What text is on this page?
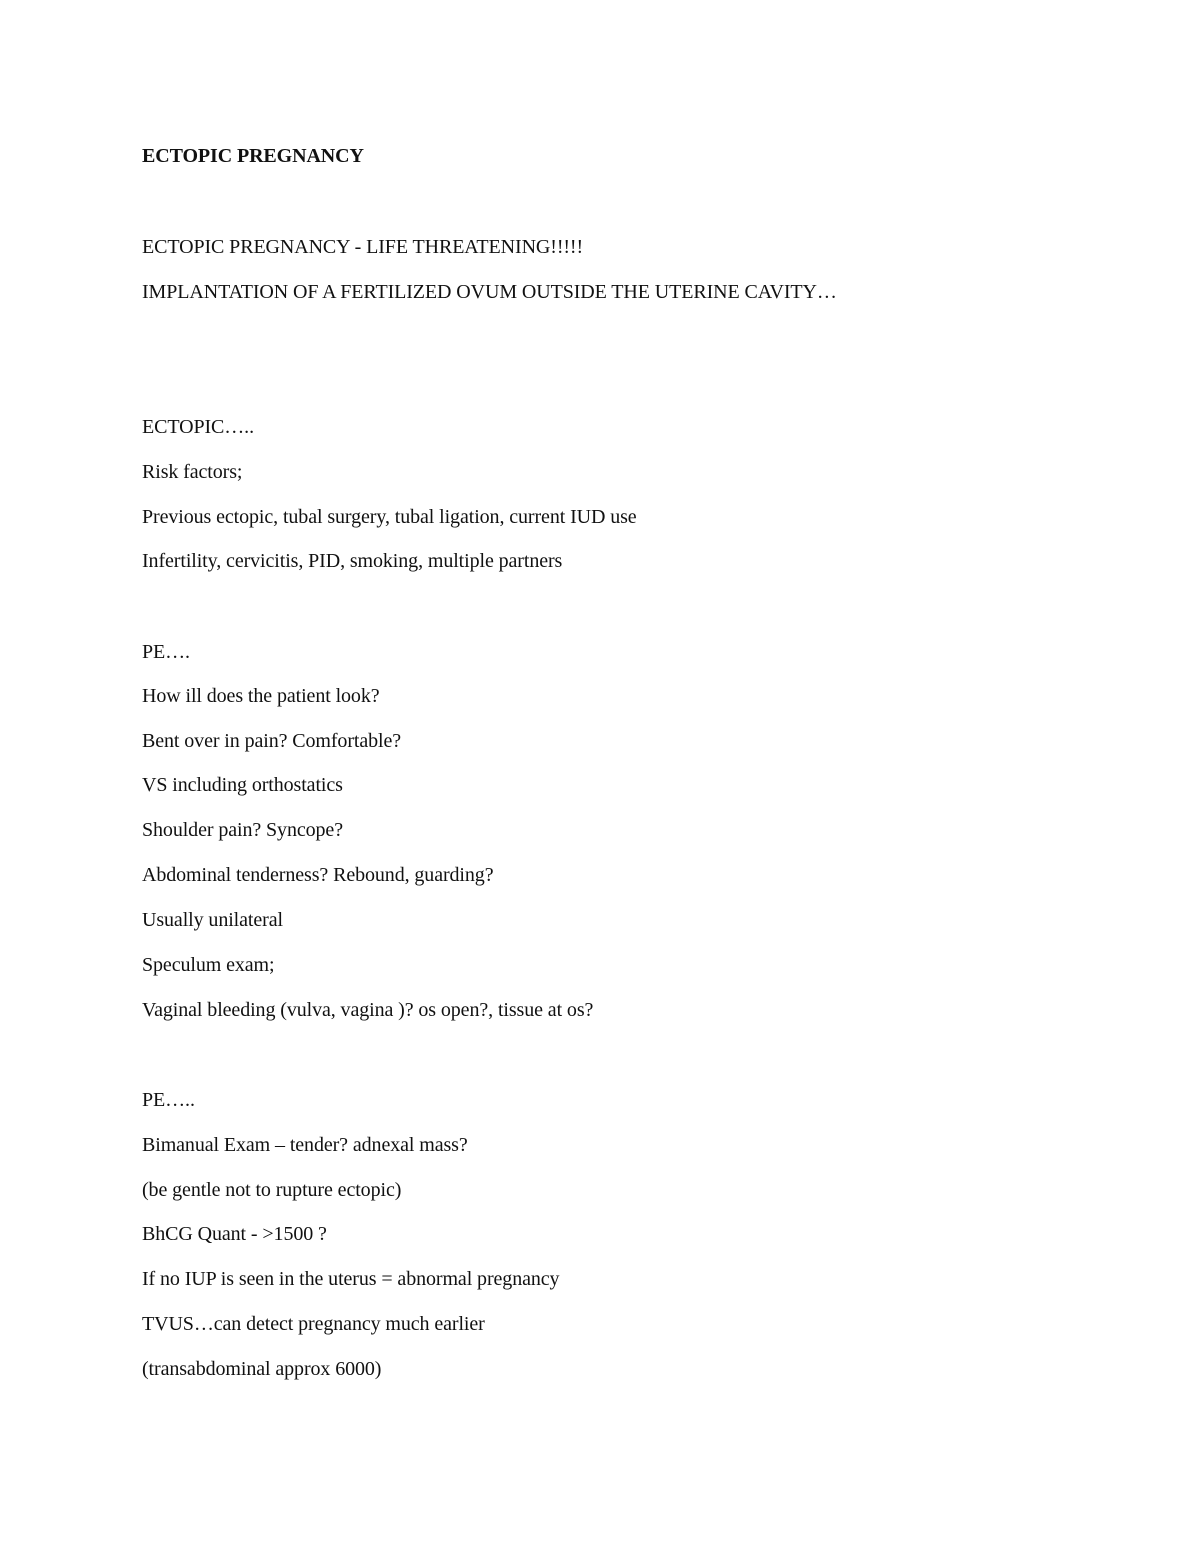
ECTOPIC PREGNANCY
ECTOPIC PREGNANCY - LIFE THREATENING!!!!!
IMPLANTATION OF A FERTILIZED OVUM OUTSIDE THE UTERINE CAVITY…
ECTOPIC…..
Risk factors;
Previous ectopic, tubal surgery, tubal ligation, current IUD use
Infertility, cervicitis, PID, smoking, multiple partners
PE….
How ill does the patient look?
Bent over in pain? Comfortable?
VS including orthostatics
Shoulder pain? Syncope?
Abdominal tenderness? Rebound, guarding?
Usually unilateral
Speculum exam;
Vaginal bleeding (vulva, vagina )? os open?, tissue at os?
PE…..
Bimanual Exam – tender? adnexal mass?
(be gentle not to rupture ectopic)
BhCG Quant - >1500 ?
If no IUP is seen in the uterus = abnormal pregnancy
TVUS…can detect pregnancy much earlier
(transabdominal approx 6000)
